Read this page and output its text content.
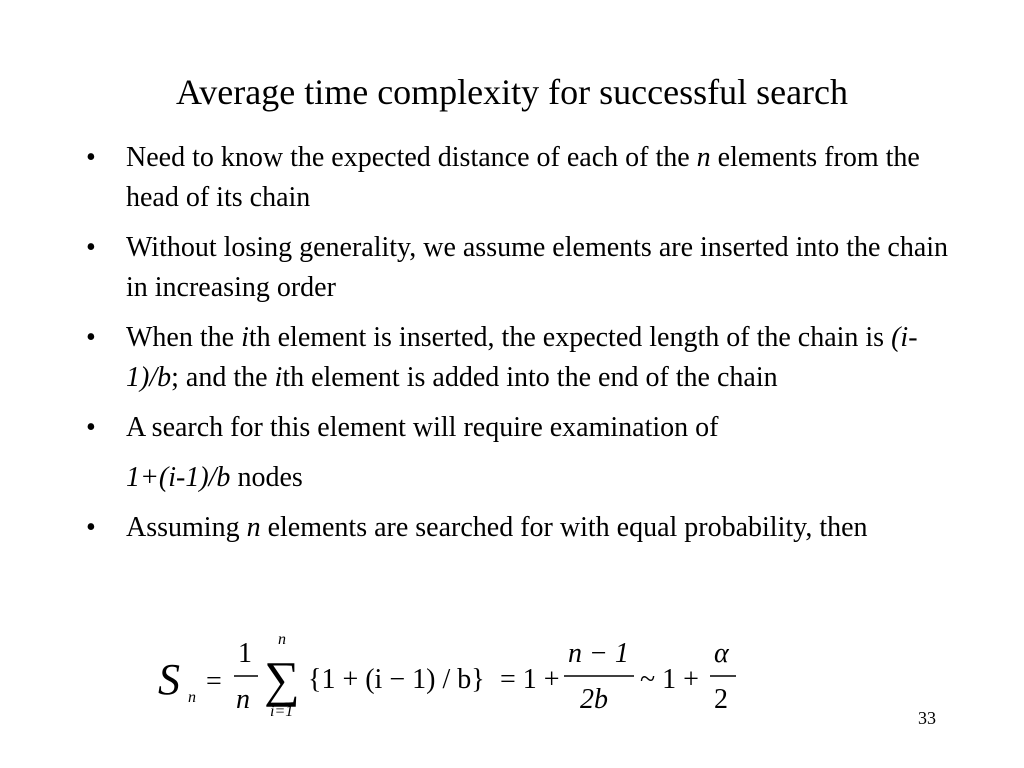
Average time complexity for successful search
• Need to know the expected distance of each of the n elements from the head of its chain
• Without losing generality, we assume elements are inserted into the chain in increasing order
• When the ith element is inserted, the expected length of the chain is (i-1)/b; and the ith element is added into the end of the chain
• A search for this element will require examination of
1+(i-1)/b nodes
• Assuming n elements are searched for with equal probability, then
S n
=
1
n
n
∑
i=1
{1 + (i − 1) / b} = 1 +
n − 1
2b
~ 1 +
α
2
33
